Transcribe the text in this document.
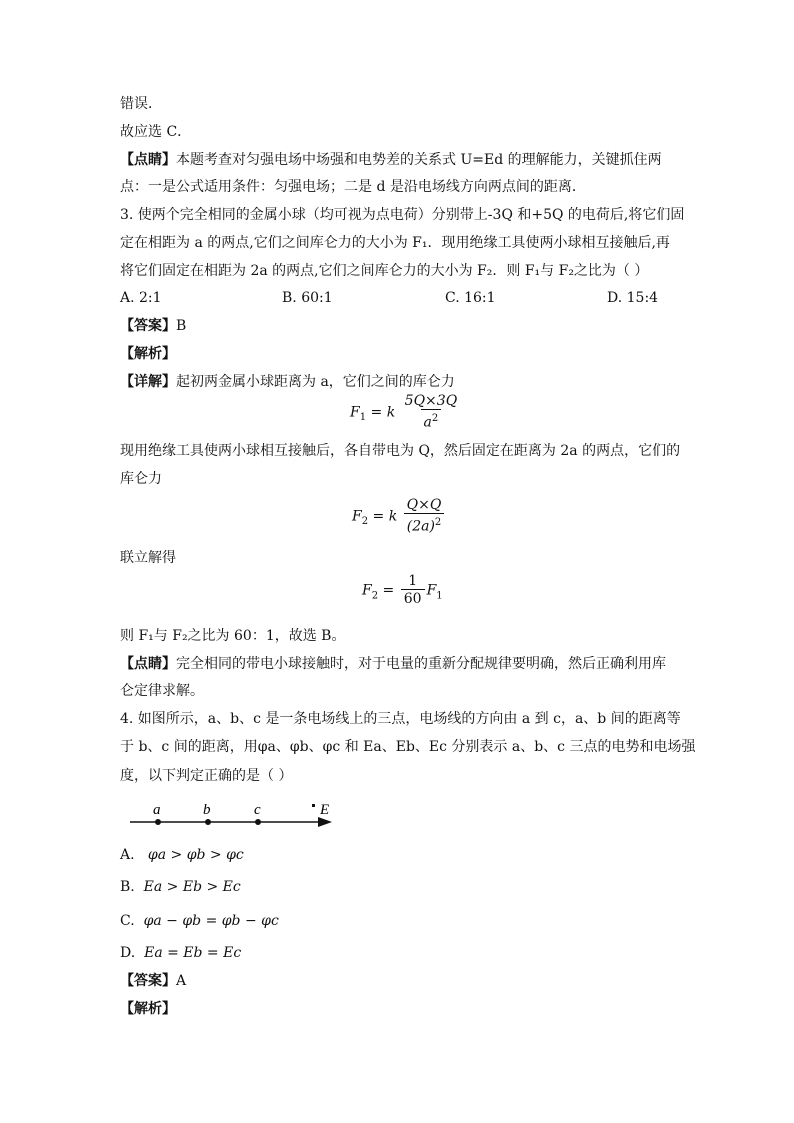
错误．
故应选 C．
【点睛】本题考查对匀强电场中场强和电势差的关系式 U=Ed 的理解能力，关键抓住两
点：一是公式适用条件：匀强电场；二是 d 是沿电场线方向两点间的距离．
3. 使两个完全相同的金属小球（均可视为点电荷）分别带上-3Q 和+5Q 的电荷后,将它们固
定在相距为 a 的两点,它们之间库仑力的大小为 F₁．现用绝缘工具使两小球相互接触后,再
将它们固定在相距为 2a 的两点,它们之间库仑力的大小为 F₂．则 F₁与 F₂之比为（ ）
A. 2:1	B. 60:1	C. 16:1	D. 15:4
【答案】B
【解析】
【详解】起初两金属小球距离为 a，它们之间的库仑力
$F_1 = k \frac{5Q\times 3Q}{a^2}$
现用绝缘工具使两小球相互接触后，各自带电为 Q，然后固定在距离为 2a 的两点，它们的
库仑力
$F_2 = k \frac{Q\times Q}{(2a)^2}$
联立解得
$F_2 = \frac{1}{60} F_1$
则 F₁与 F₂之比为 60：1，故选 B。
【点睛】完全相同的带电小球接触时，对于电量的重新分配规律要明确，然后正确利用库
仑定律求解。
4. 如图所示，a、b、c 是一条电场线上的三点，电场线的方向由 a 到 c，a、b 间的距离等
于 b、c 间的距离，用φa、φb、φc 和 Ea、Eb、Ec 分别表示 a、b、c 三点的电势和电场强
度，以下判定正确的是（ ）
a	b	c	E
A. φa > φb > φc
B. Ea > Eb > Ec
C. φa − φb = φb − φc
D. Ea = Eb = Ec
【答案】A
【解析】
